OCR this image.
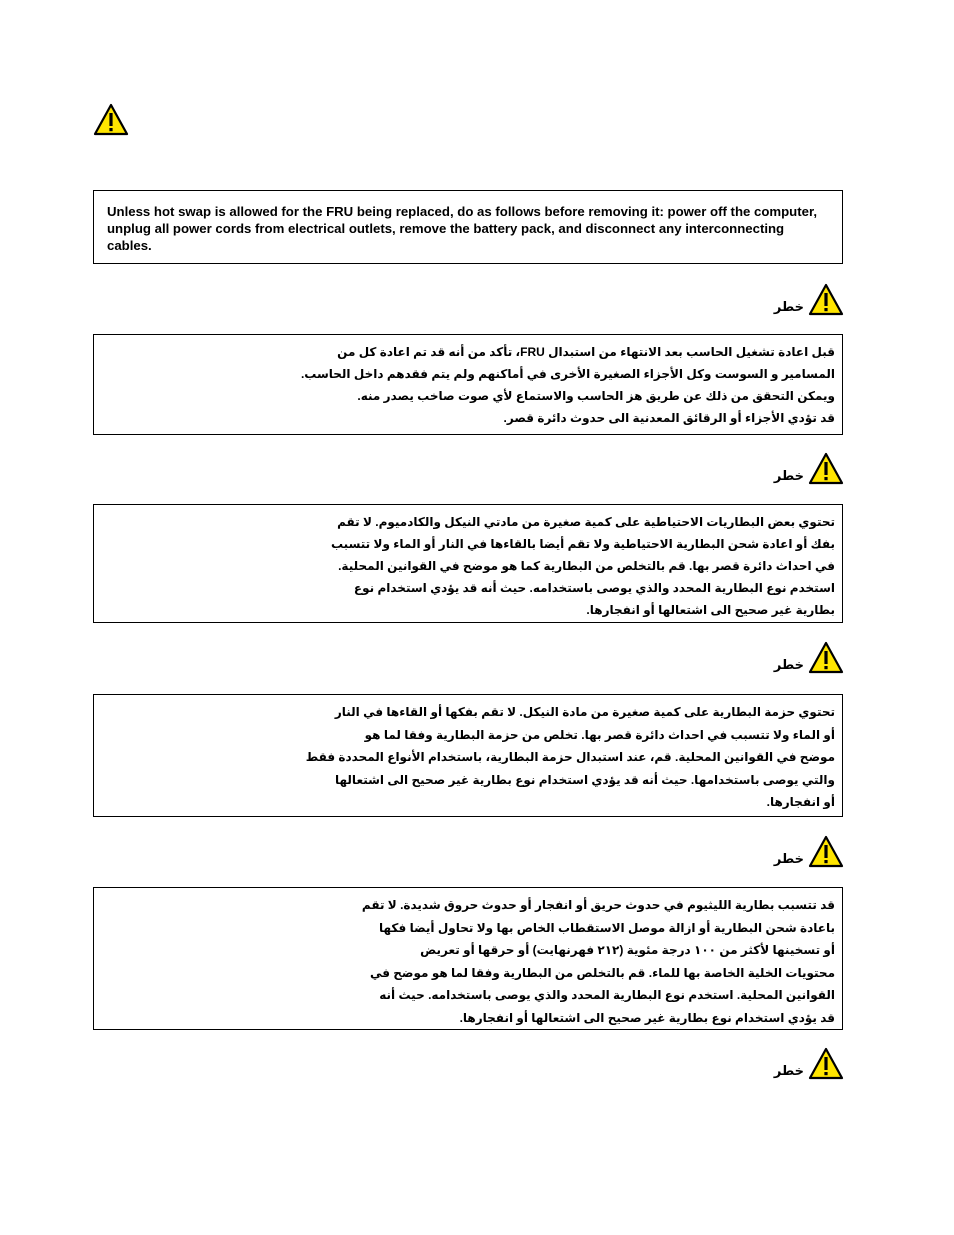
Unless hot swap is allowed for the FRU being replaced, do as follows before removing it: power off the computer, unplug all power cords from electrical outlets, remove the battery pack, and disconnect any interconnecting cables.
خطر
قبل اعادة تشغيل الحاسب بعد الانتهاء من استبدال FRU، تأكد من أنه قد تم اعادة كل من
المسامير و السوست وكل الأجزاء الصغيرة الأخرى في أماكنهم ولم يتم فقدهم داخل الحاسب.
ويمكن التحقق من ذلك عن طريق هز الحاسب والاستماع لأي صوت صاخب يصدر منه.
قد تؤدي الأجزاء أو الرقائق المعدنية الى حدوث دائرة قصر.
خطر
تحتوي بعض البطاريات الاحتياطية على كمية صغيرة من مادتي النيكل والكادميوم. لا تقم
بفك أو اعادة شحن البطارية الاحتياطية ولا تقم أيضا بالقاءها في النار أو الماء ولا تتسبب
في احداث دائرة قصر بها. قم بالتخلص من البطارية كما هو موضح في القوانين المحلية.
استخدم نوع البطارية المحدد والذي يوصى باستخدامه. حيث أنه قد يؤدي استخدام نوع
بطارية غير صحيح الى اشتعالها أو انفجارها.
خطر
تحتوي حزمة البطارية على كمية صغيرة من مادة النيكل. لا تقم بفكها أو القاءها في النار
أو الماء ولا تتسبب في احداث دائرة قصر بها. تخلص من حزمة البطارية وفقا لما هو
موضح في القوانين المحلية. قم، عند استبدال حزمة البطارية، باستخدام الأنواع المحددة فقط
والتي يوصى باستخدامها. حيث أنه قد يؤدي استخدام نوع بطارية غير صحيح الى اشتعالها
أو انفجارها.
خطر
قد تتسبب بطارية الليثيوم في حدوث حريق أو انفجار أو حدوث حروق شديدة. لا تقم
باعادة شحن البطارية أو ازالة موصل الاستقطاب الخاص بها ولا تحاول أيضا فكها
أو تسخينها لأكثر من ١٠٠ درجة مئوية (٢١٢ فهرنهايت) أو حرقها أو تعريض
محتويات الخلية الخاصة بها للماء. قم بالتخلص من البطارية وفقا لما هو موضح في
القوانين المحلية. استخدم نوع البطارية المحدد والذي يوصى باستخدامه. حيث أنه
قد يؤدي استخدام نوع بطارية غير صحيح الى اشتعالها أو انفجارها.
خطر
